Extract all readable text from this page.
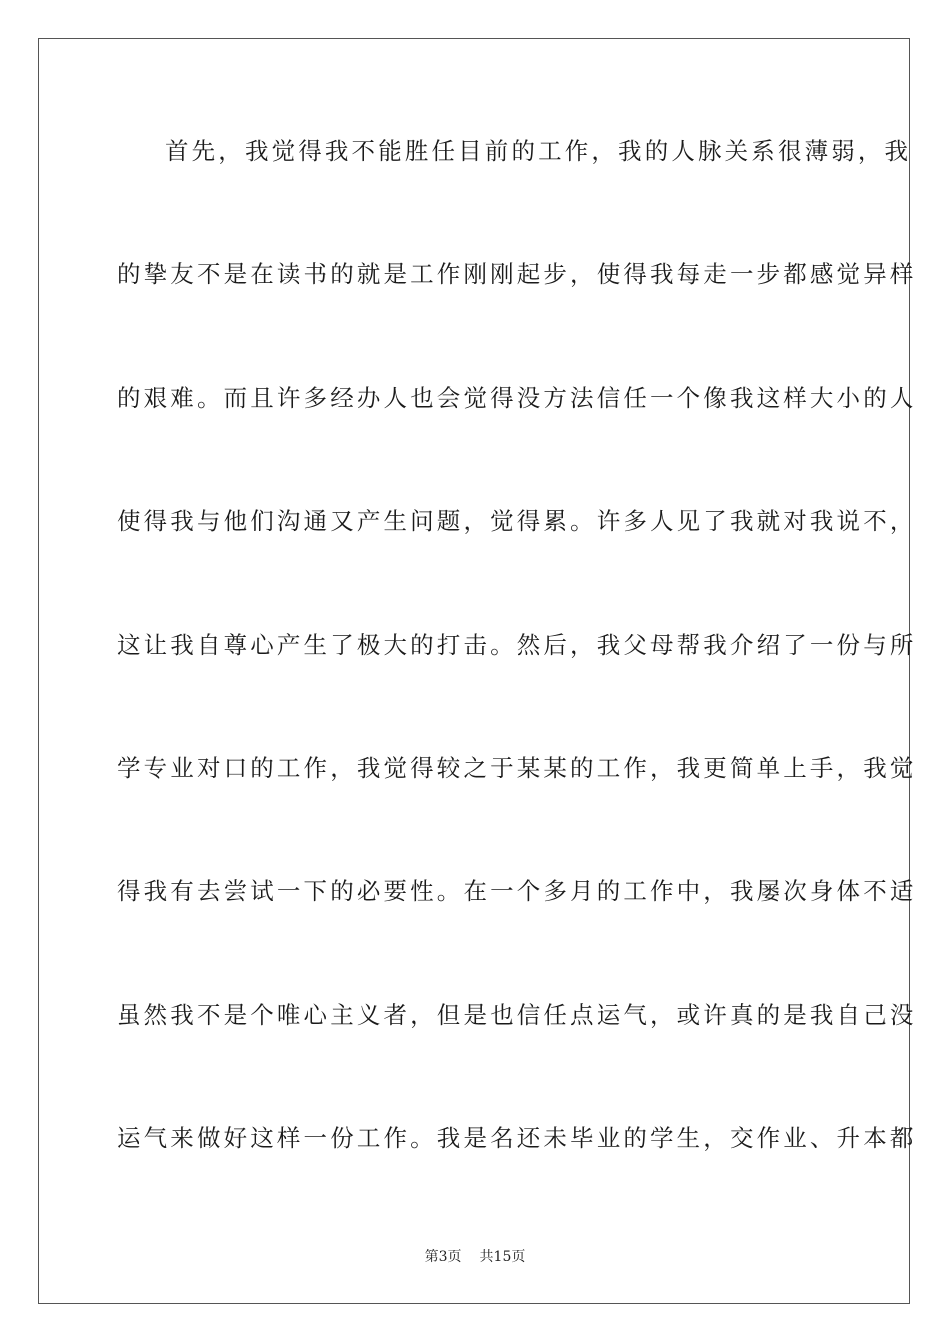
首先，我觉得我不能胜任目前的工作，我的人脉关系很薄弱，我
的挚友不是在读书的就是工作刚刚起步，使得我每走一步都感觉异样
的艰难。而且许多经办人也会觉得没方法信任一个像我这样大小的人
使得我与他们沟通又产生问题，觉得累。许多人见了我就对我说不，
这让我自尊心产生了极大的打击。然后，我父母帮我介绍了一份与所
学专业对口的工作，我觉得较之于某某的工作，我更简单上手，我觉
得我有去尝试一下的必要性。在一个多月的工作中，我屡次身体不适
虽然我不是个唯心主义者，但是也信任点运气，或许真的是我自己没
运气来做好这样一份工作。我是名还未毕业的学生，交作业、升本都
第3页 共15页
